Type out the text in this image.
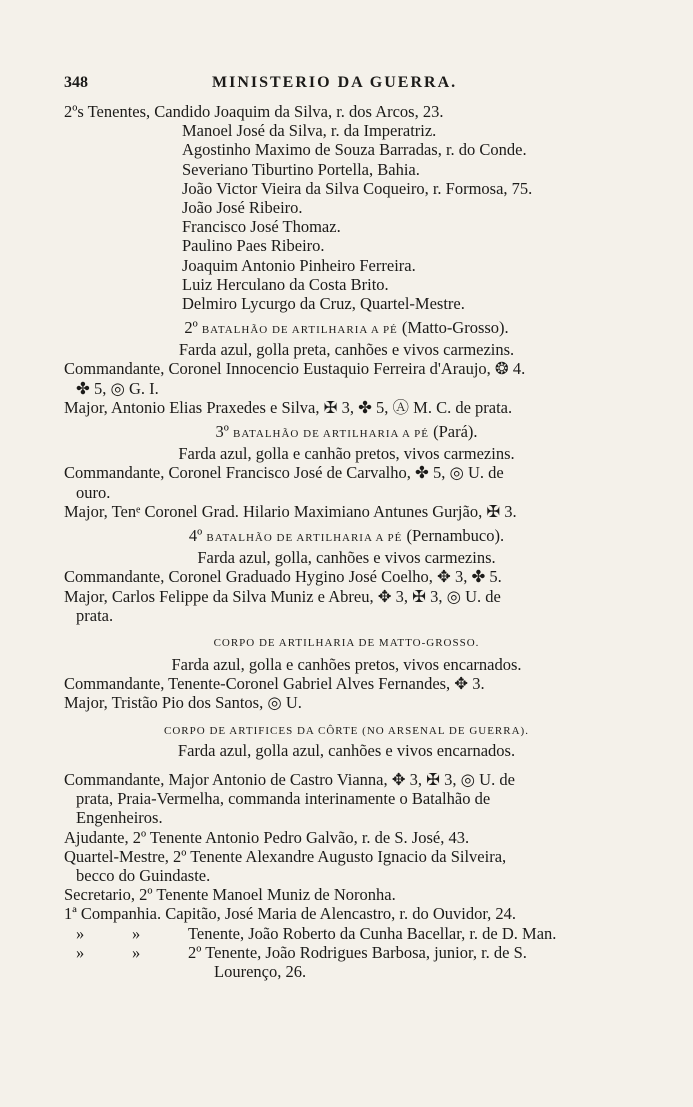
348	MINISTERIO DA GUERRA.
2ºs Tenentes, Candido Joaquim da Silva, r. dos Arcos, 23.
Manoel José da Silva, r. da Imperatriz.
Agostinho Maximo de Souza Barradas, r. do Conde.
Severiano Tiburtino Portella, Bahia.
João Victor Vieira da Silva Coqueiro, r. Formosa, 75.
João José Ribeiro.
Francisco José Thomaz.
Paulino Paes Ribeiro.
Joaquim Antonio Pinheiro Ferreira.
Luiz Herculano da Costa Brito.
Delmiro Lycurgo da Cruz, Quartel-Mestre.
2º BATALHÃO DE ARTILHARIA A PÉ (Matto-Grosso).
Farda azul, golla preta, canhões e vivos carmezins.
Commandante, Coronel Innocencio Eustaquio Ferreira d'Araujo, ❂ 4.
✤ 5, ◎ G. I.
Major, Antonio Elias Praxedes e Silva, ✠ 3, ✤ 5, Ⓐ M. C. de prata.
3º BATALHÃO DE ARTILHARIA A PÉ (Pará).
Farda azul, golla e canhão pretos, vivos carmezins.
Commandante, Coronel Francisco José de Carvalho, ✤ 5, ◎ U. de
ouro.
Major, Tenᵉ Coronel Grad. Hilario Maximiano Antunes Gurjão, ✠ 3.
4º BATALHÃO DE ARTILHARIA A PÉ (Pernambuco).
Farda azul, golla, canhões e vivos carmezins.
Commandante, Coronel Graduado Hygino José Coelho, ✥ 3, ✤ 5.
Major, Carlos Felippe da Silva Muniz e Abreu, ✥ 3, ✠ 3, ◎ U. de
prata.
CORPO DE ARTILHARIA DE MATTO-GROSSO.
Farda azul, golla e canhões pretos, vivos encarnados.
Commandante, Tenente-Coronel Gabriel Alves Fernandes, ✥ 3.
Major, Tristão Pio dos Santos, ◎ U.
CORPO DE ARTIFICES DA CÔRTE (NO ARSENAL DE GUERRA).
Farda azul, golla azul, canhões e vivos encarnados.
Commandante, Major Antonio de Castro Vianna, ✥ 3, ✠ 3, ◎ U. de
prata, Praia-Vermelha, commanda interinamente o Batalhão de
Engenheiros.
Ajudante, 2º Tenente Antonio Pedro Galvão, r. de S. José, 43.
Quartel-Mestre, 2º Tenente Alexandre Augusto Ignacio da Silveira,
becco do Guindaste.
Secretario, 2º Tenente Manoel Muniz de Noronha.
1ª Companhia. Capitão, José Maria de Alencastro, r. do Ouvidor, 24.
»	»	Tenente, João Roberto da Cunha Bacellar, r. de D. Man.
»	»	2º Tenente, João Rodrigues Barbosa, junior, r. de S.
Lourenço, 26.
